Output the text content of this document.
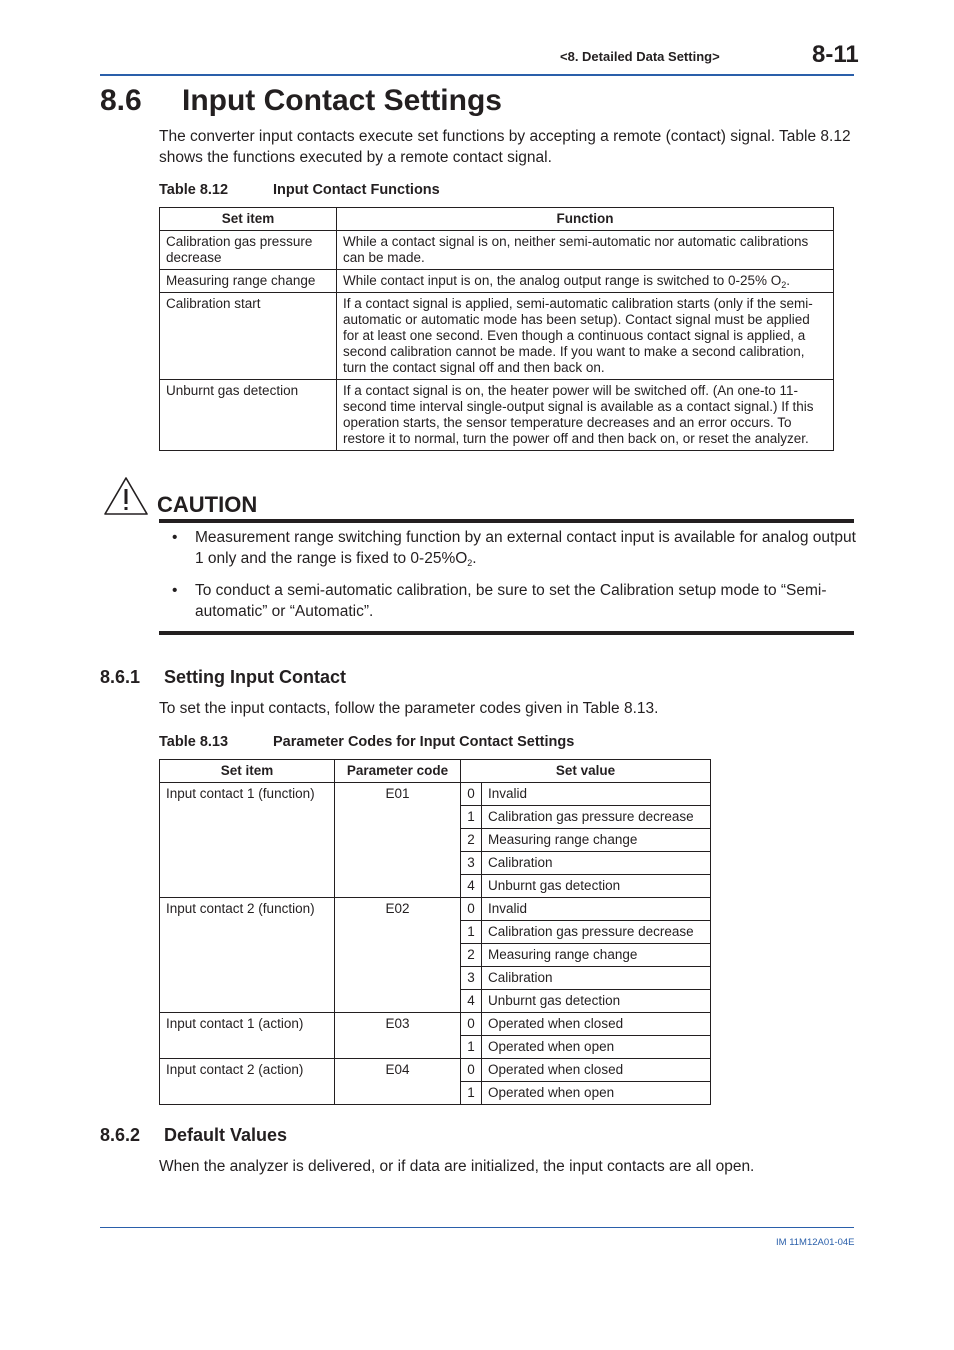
<8. Detailed Data Setting>	8-11
8.6 Input Contact Settings
The converter input contacts execute set functions by accepting a remote (contact) signal. Table 8.12 shows the functions executed by a remote contact signal.
Table 8.12	Input Contact Functions
Set item	Function
Calibration gas pressure decrease	While a contact signal is on, neither semi-automatic nor automatic calibrations can be made.
Measuring range change	While contact input is on, the analog output range is switched to 0-25% $O_2$.
Calibration start	If a contact signal is applied, semi-automatic calibration starts (only if the semi-automatic or automatic mode has been setup). Contact signal must be applied for at least one second. Even though a continuous contact signal is applied, a second calibration cannot be made. If you want to make a second calibration, turn the contact signal off and then back on.
Unburnt gas detection	If a contact signal is on, the heater power will be switched off. (An one-to 11-second time interval single-output signal is available as a contact signal.) If this operation starts, the sensor temperature decreases and an error occurs. To restore it to normal, turn the power off and then back on, or reset the analyzer.
CAUTION
• Measurement range switching function by an external contact input is available for analog output 1 only and the range is fixed to $0-25\%O_2$.
• To conduct a semi-automatic calibration, be sure to set the Calibration setup mode to “Semi-automatic” or “Automatic”.
8.6.1 Setting Input Contact
To set the input contacts, follow the parameter codes given in Table 8.13.
Table 8.13	Parameter Codes for Input Contact Settings
Set item	Parameter code	Set value	
Input contact 1 (function)	E01	0	Invalid
		1	Calibration gas pressure decrease
		2	Measuring range change
		3	Calibration
		4	Unburnt gas detection
Input contact 2 (function)	E02	0	Invalid
		1	Calibration gas pressure decrease
		2	Measuring range change
		3	Calibration
		4	Unburnt gas detection
Input contact 1 (action)	E03	0	Operated when closed
		1	Operated when open
Input contact 2 (action)	E04	0	Operated when closed
		1	Operated when open
8.6.2 Default Values
When the analyzer is delivered, or if data are initialized, the input contacts are all open.
IM 11M12A01-04E
